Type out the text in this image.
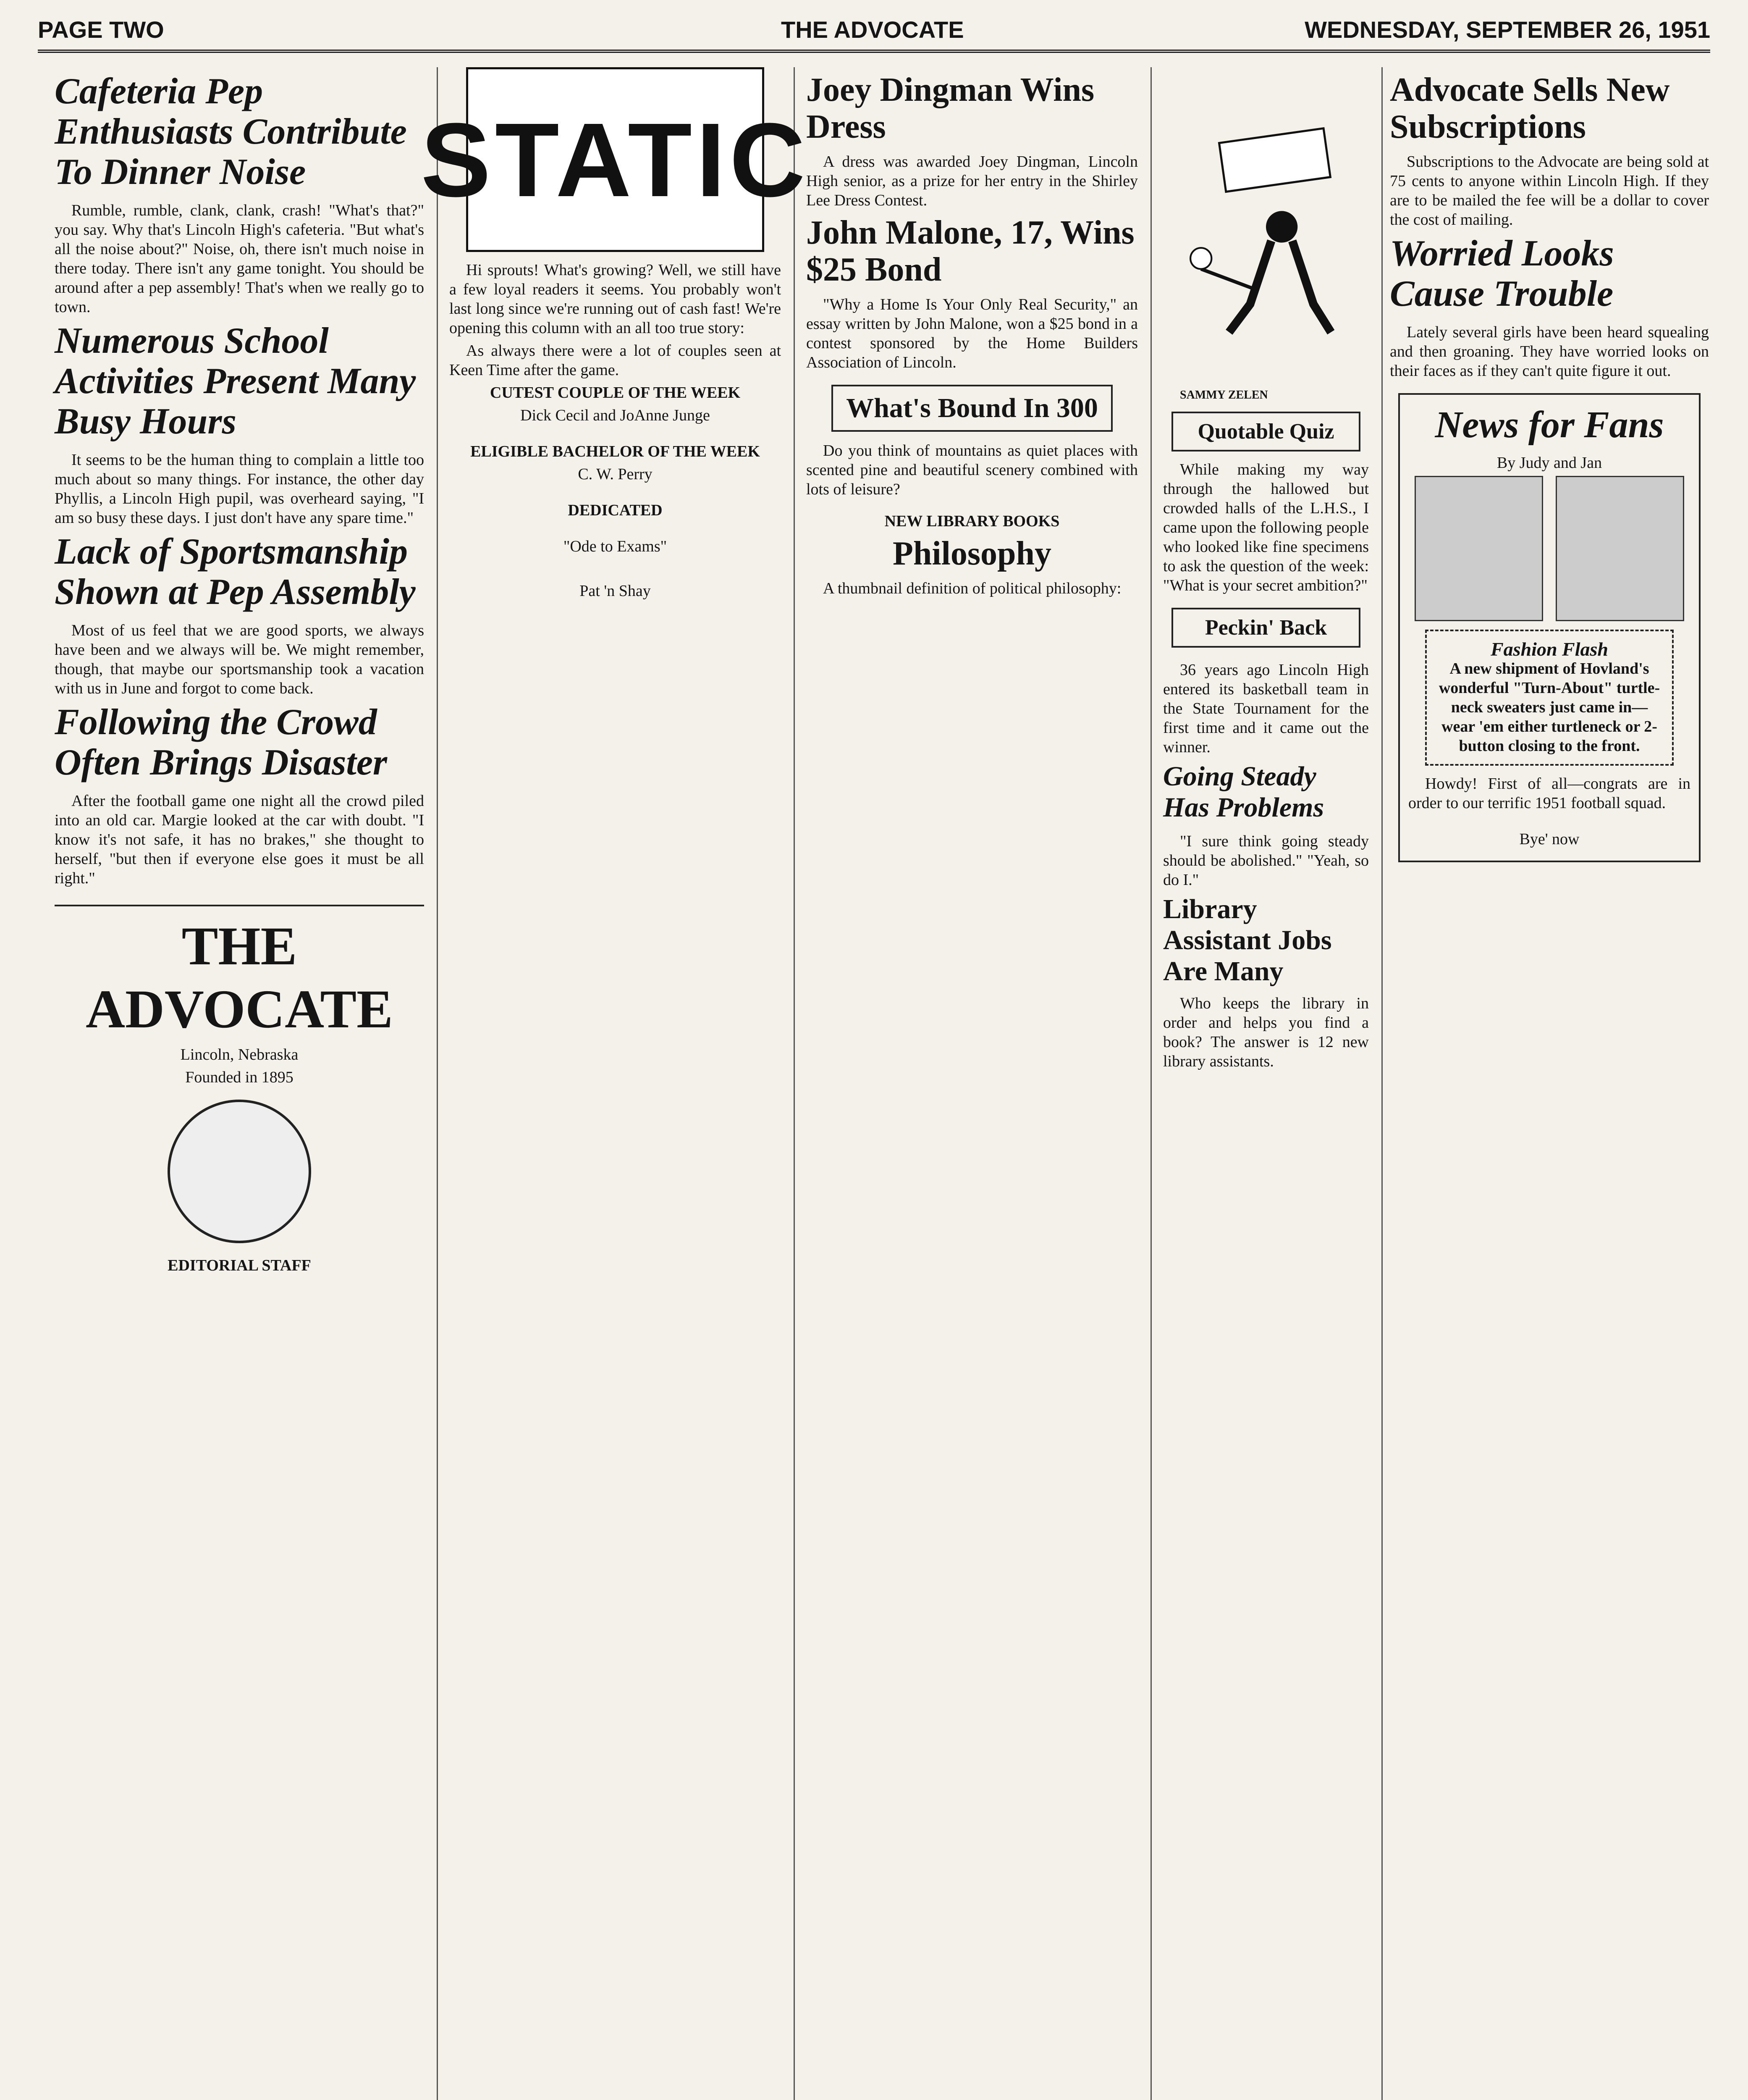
PAGE TWO	THE ADVOCATE	WEDNESDAY, SEPTEMBER 26, 1951
Cafeteria Pep Enthusiasts Contribute To Dinner Noise

Rumble, rumble, clank, clank, crash! "What's that?" you say. Why that's Lincoln High's cafeteria. "But what's all the noise about?" Noise, oh, there isn't much noise in there today. There isn't any game tonight. You should be around after a pep assembly! That's when we really go to town.

Numerous School Activities Present Many Busy Hours

It seems to be the human thing to complain a little too much about so many things. For instance, the other day Phyllis, a Lincoln High pupil, was overheard saying, "I am so busy these days. I just don't have any spare time."

Lack of Sportsmanship Shown at Pep Assembly

Most of us feel that we are good sports, we always have been and we always will be. We might remember, though, that maybe our sportsmanship took a vacation with us in June and forgot to come back.

Following the Crowd Often Brings Disaster

After the football game one night all the crowd piled into an old car. Margie looked at the car with doubt. "I know it's not safe, it has no brakes," she thought to herself, "but then if everyone else goes it must be all right."

THE ADVOCATE

Lincoln, Nebraska

Founded in 1895

EDITORIAL STAFF

STATIC

Hi sprouts! What's growing? Well, we still have a few loyal readers it seems. You probably won't last long since we're running out of cash fast! We're opening this column with an all too true story:

As always there were a lot of couples seen at Keen Time after the game.

CUTEST COUPLE OF THE WEEK

Dick Cecil and JoAnne Junge

ELIGIBLE BACHELOR OF THE WEEK

C. W. Perry

DEDICATED

"Ode to Exams"

Pat 'n Shay

Joey Dingman Wins Dress

A dress was awarded Joey Dingman, Lincoln High senior, as a prize for her entry in the Shirley Lee Dress Contest.

John Malone, 17, Wins $25 Bond

"Why a Home Is Your Only Real Security," an essay written by John Malone, won a $25 bond in a contest sponsored by the Home Builders Association of Lincoln.

What's Bound In 300

Do you think of mountains as quiet places with scented pine and beautiful scenery combined with lots of leisure?

NEW LIBRARY BOOKS

Philosophy

A thumbnail definition of political philosophy:

SAMMY ZELEN
Quotable Quiz

While making my way through the hallowed but crowded halls of the L.H.S., I came upon the following people who looked like fine specimens to ask the question of the week: "What is your secret ambition?"

Peckin' Back

36 years ago Lincoln High entered its basketball team in the State Tournament for the first time and it came out the winner.

Going Steady Has Problems

"I sure think going steady should be abolished." "Yeah, so do I."

Library Assistant Jobs Are Many

Who keeps the library in order and helps you find a book? The answer is 12 new library assistants.

Advocate Sells New Subscriptions

Subscriptions to the Advocate are being sold at 75 cents to anyone within Lincoln High. If they are to be mailed the fee will be a dollar to cover the cost of mailing.

Worried Looks Cause Trouble

Lately several girls have been heard squealing and then groaning. They have worried looks on their faces as if they can't quite figure it out.

News for Fans

By Judy and Jan

Fashion Flash
A new shipment of Hovland's wonderful "Turn-About" turtle-neck sweaters just came in—wear 'em either turtleneck or 2-button closing to the front.

Howdy! First of all—congrats are in order to our terrific 1951 football squad.

Bye' now
